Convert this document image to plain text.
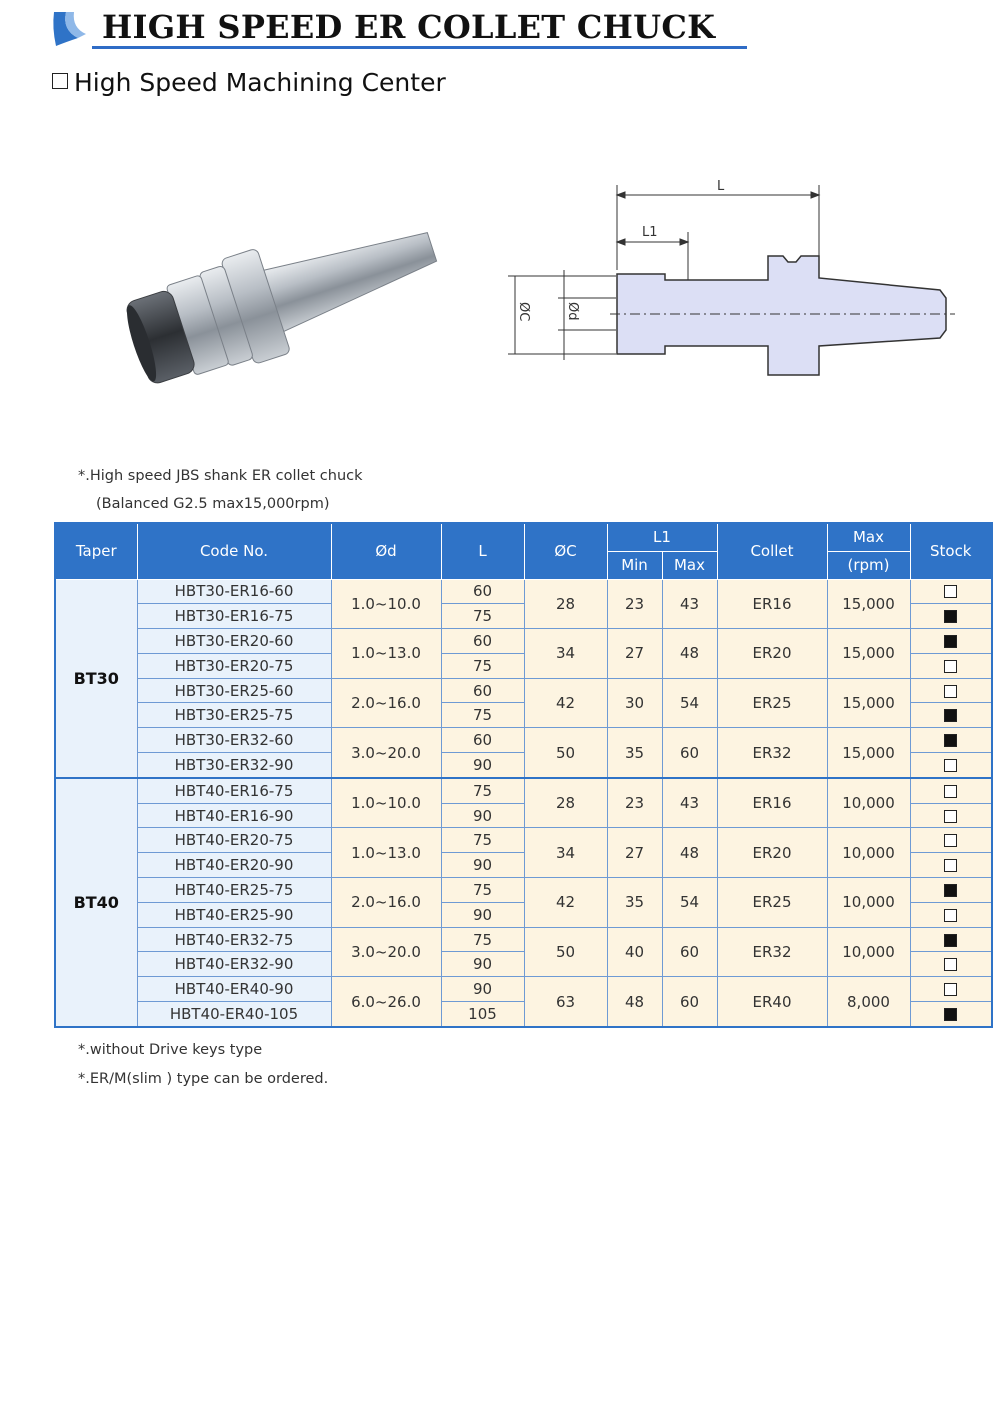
HIGH SPEED ER COLLET CHUCK
High Speed Machining Center
L
L1
ØC	Ød
*.High speed JBS shank ER collet chuck
(Balanced G2.5 max15,000rpm)
Taper	Code No.	Ød	L	ØC	L1		Collet	Max	Stock
					Min	Max		(rpm)	
BT30	HBT30-ER16-60	1.0~10.0	60	28	23	43	ER16	15,000	
	HBT30-ER16-75		75						
	HBT30-ER20-60	1.0~13.0	60	34	27	48	ER20	15,000	
	HBT30-ER20-75		75						
	HBT30-ER25-60	2.0~16.0	60	42	30	54	ER25	15,000	
	HBT30-ER25-75		75						
	HBT30-ER32-60	3.0~20.0	60	50	35	60	ER32	15,000	
	HBT30-ER32-90		90						
BT40	HBT40-ER16-75	1.0~10.0	75	28	23	43	ER16	10,000	
	HBT40-ER16-90		90						
	HBT40-ER20-75	1.0~13.0	75	34	27	48	ER20	10,000	
	HBT40-ER20-90		90						
	HBT40-ER25-75	2.0~16.0	75	42	35	54	ER25	10,000	
	HBT40-ER25-90		90						
	HBT40-ER32-75	3.0~20.0	75	50	40	60	ER32	10,000	
	HBT40-ER32-90		90						
	HBT40-ER40-90	6.0~26.0	90	63	48	60	ER40	8,000	
	HBT40-ER40-105		105						
*.without Drive keys type
*.ER/M(slim ) type can be ordered.
